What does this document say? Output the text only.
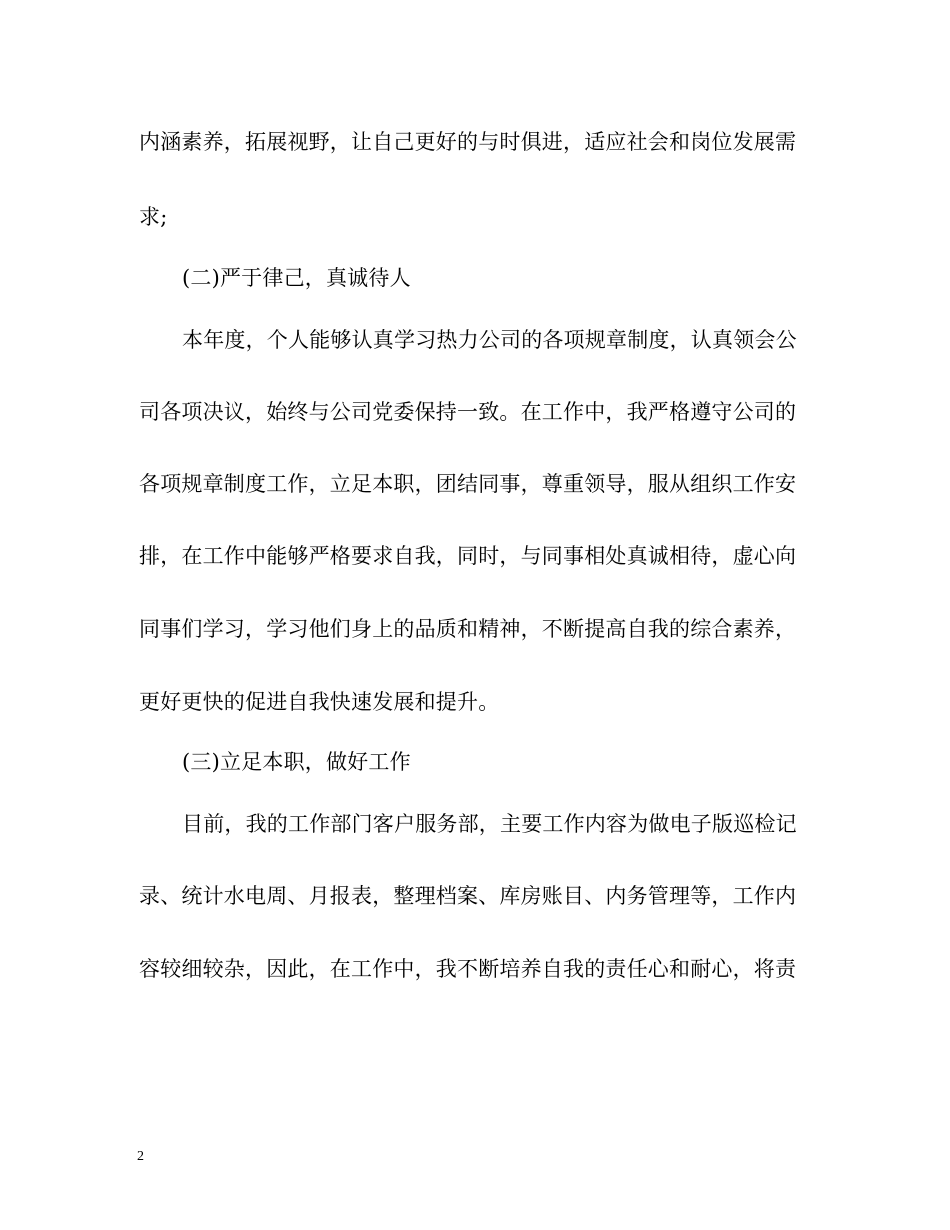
内涵素养，拓展视野，让自己更好的与时俱进，适应社会和岗位发展需
求;
(二)严于律己，真诚待人
本年度，个人能够认真学习热力公司的各项规章制度，认真领会公
司各项决议，始终与公司党委保持一致。在工作中，我严格遵守公司的
各项规章制度工作，立足本职，团结同事，尊重领导，服从组织工作安
排，在工作中能够严格要求自我，同时，与同事相处真诚相待，虚心向
同事们学习，学习他们身上的品质和精神，不断提高自我的综合素养，
更好更快的促进自我快速发展和提升。
(三)立足本职，做好工作
目前，我的工作部门客户服务部，主要工作内容为做电子版巡检记
录、统计水电周、月报表，整理档案、库房账目、内务管理等，工作内
容较细较杂，因此，在工作中，我不断培养自我的责任心和耐心，将责
2
